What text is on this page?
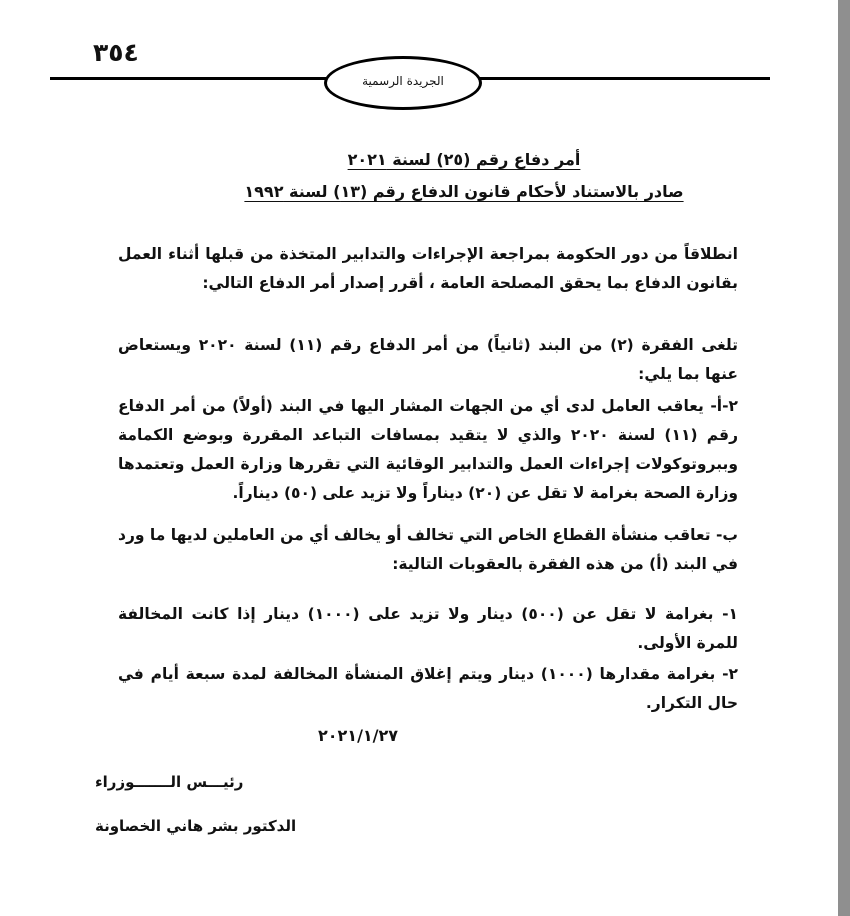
٣٥٤
الجريدة الرسمية
أمر دفاع رقم (٢٥) لسنة ٢٠٢١
صادر بالاستناد لأحكام قانون الدفاع رقم (١٣) لسنة ١٩٩٢

انطلاقاً من دور الحكومة بمراجعة الإجراءات والتدابير المتخذة من قبلها أثناء العمل بقانون الدفاع بما يحقق المصلحة العامة ، أقرر إصدار أمر الدفاع التالي:

تلغى الفقرة (٢) من البند (ثانياً) من أمر الدفاع رقم (١١) لسنة ٢٠٢٠ ويستعاض عنها بما يلي:

٢-أ- يعاقب العامل لدى أي من الجهات المشار اليها في البند (أولاً) من أمر الدفاع رقم (١١) لسنة ٢٠٢٠ والذي لا يتقيد بمسافات التباعد المقررة وبوضع الكمامة وببروتوكولات إجراءات العمل والتدابير الوقائية التي تقررها وزارة العمل وتعتمدها وزارة الصحة بغرامة لا تقل عن (٢٠) ديناراً ولا تزيد على (٥٠) ديناراً.

ب- تعاقب منشأة القطاع الخاص التي تخالف أو يخالف أي من العاملين لديها ما ورد في البند (أ) من هذه الفقرة بالعقوبات التالية:

١- بغرامة لا تقل عن (٥٠٠) دينار ولا تزيد على (١٠٠٠) دينار إذا كانت المخالفة للمرة الأولى.

٢- بغرامة مقدارها (١٠٠٠) دينار ويتم إغلاق المنشأة المخالفة لمدة سبعة أيام في حال التكرار.

٢٠٢١/١/٢٧
رئيـــس الـــــــوزراء
الدكتور بشر هاني الخصاونة
